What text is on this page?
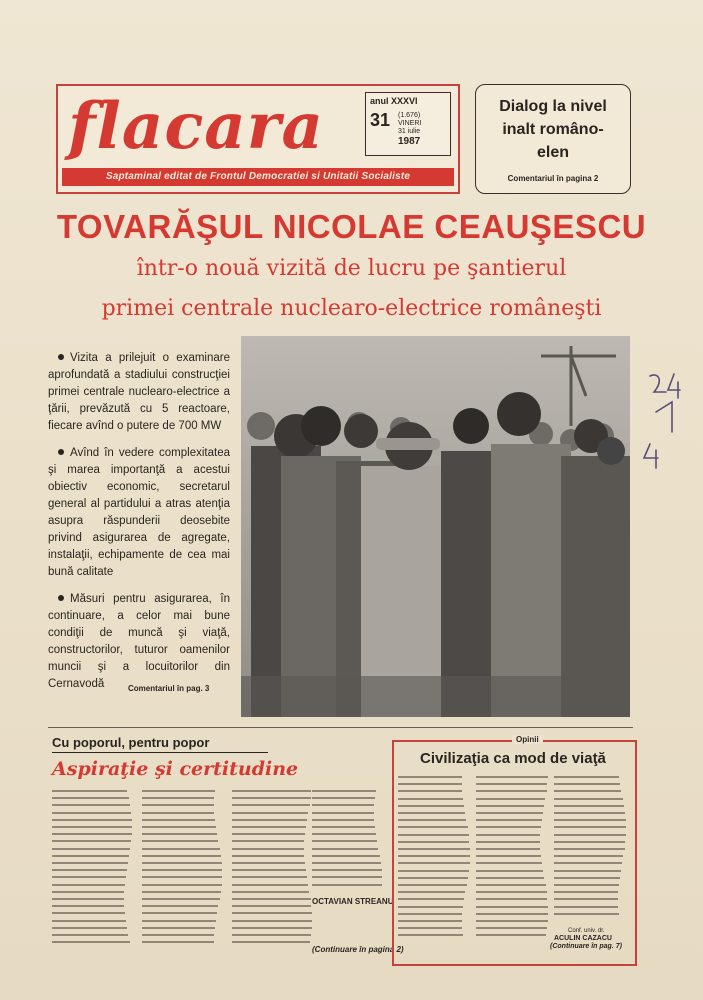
flacara	anul XXXVI
31 (1.676)
VINERI
31 iulie
1987
Saptaminal editat de Frontul Democratiei si Unitatii Socialiste
Dialog la nivel inalt româno-elen
Comentariul în pagina 2
TOVARĂŞUL NICOLAE CEAUŞESCU
într-o nouă vizită de lucru pe şantierul
primei centrale nuclearo-electrice româneşti
Vizita a prilejuit o examinare aprofundată a stadiului construcţiei primei centrale nuclearo-electrice a ţării, prevăzută cu 5 reactoare, fiecare avînd o putere de 700 MW
Avînd în vedere complexitatea şi marea importanţă a acestui obiectiv economic, secretarul general al partidului a atras atenţia asupra răspunderii deosebite privind asigurarea de agregate, instalaţii, echipamente de cea mai bună calitate
Măsuri pentru asigurarea, în continuare, a celor mai bune condiţii de muncă şi viaţă, constructorilor, tuturor oamenilor muncii şi a locuitorilor din Cernavodă	Comentariul în pag. 3
Cu poporul, pentru popor
Aspiraţie şi certitudine
OCTAVIAN STREANU
(Continuare în pagina 2)
Opinii
Civilizaţia ca mod de viaţă
Conf. univ. dr.
ACULIN CAZACU
(Continuare în pag. 7)
